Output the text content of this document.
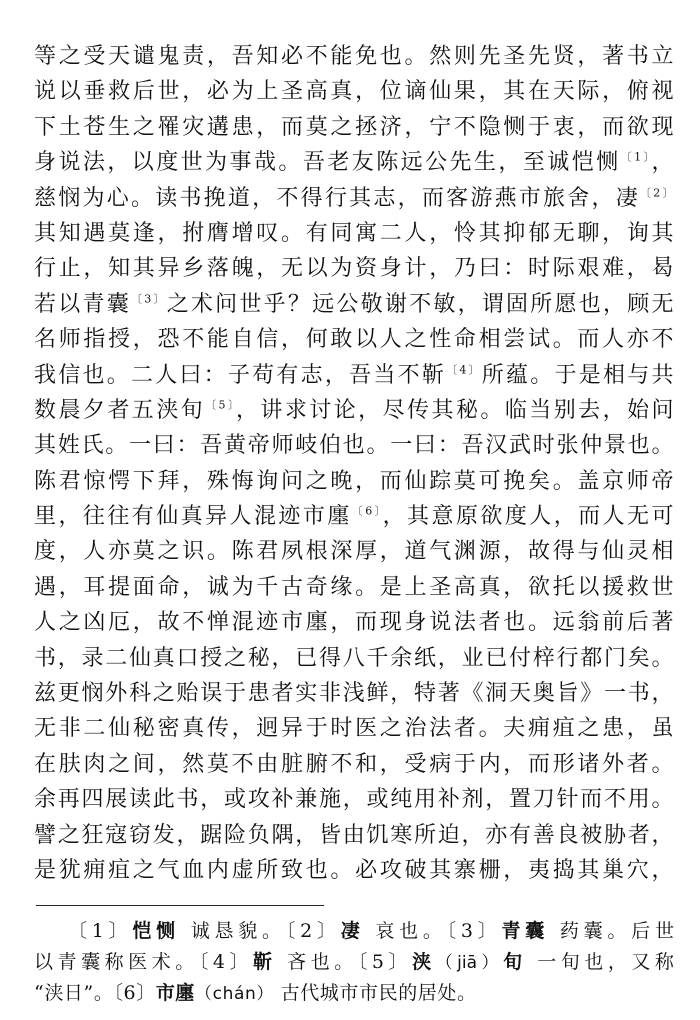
等之受天谴鬼责，吾知必不能免也。然则先圣先贤，著书立
说以垂救后世，必为上圣高真，位谪仙果，其在天际，俯视
下土苍生之罹灾遘患，而莫之拯济，宁不隐恻于衷，而欲现
身说法，以度世为事哉。吾老友陈远公先生，至诚恺恻$^{〔1〕}$，
慈悯为心。读书挽道，不得行其志，而客游燕市旅舍，凄$^{〔2〕}$
其知遇莫逢，拊膺增叹。有同寓二人，怜其抑郁无聊，询其
行止，知其异乡落魄，无以为资身计，乃曰：时际艰难，曷
若以青囊$^{〔3〕}$之术问世乎？远公敬谢不敏，谓固所愿也，顾无
名师指授，恐不能自信，何敢以人之性命相尝试。而人亦不
我信也。二人曰：子苟有志，吾当不靳$^{〔4〕}$所蕴。于是相与共
数晨夕者五浃旬$^{〔5〕}$，讲求讨论，尽传其秘。临当别去，始问
其姓氏。一曰：吾黄帝师岐伯也。一曰：吾汉武时张仲景也。
陈君惊愕下拜，殊悔询问之晚，而仙踪莫可挽矣。盖京师帝
里，往往有仙真异人混迹市廛$^{〔6〕}$，其意原欲度人，而人无可
度，人亦莫之识。陈君夙根深厚，道气渊源，故得与仙灵相
遇，耳提面命，诚为千古奇缘。是上圣高真，欲托以援救世
人之凶厄，故不惮混迹市廛，而现身说法者也。远翁前后著
书，录二仙真口授之秘，已得八千余纸，业已付梓行都门矣。
兹更悯外科之贻误于患者实非浅鲜，特著《洞天奥旨》一书，
无非二仙秘密真传，迥异于时医之治法者。夫痈疽之患，虽
在肤肉之间，然莫不由脏腑不和，受病于内，而形诸外者。
余再四展读此书，或攻补兼施，或纯用补剂，置刀针而不用。
譬之狂寇窃发，踞险负隅，皆由饥寒所迫，亦有善良被胁者，
是犹痈疽之气血内虚所致也。必攻破其寨栅，夷捣其巢穴，
〔1〕恺恻 诚恳貌。〔2〕凄 哀也。〔3〕青囊 药囊。后世
以青囊称医术。〔4〕靳 吝也。〔5〕浃（jiā）旬 一旬也，又称
“浃日”。〔6〕市廛（chán） 古代城市市民的居处。
